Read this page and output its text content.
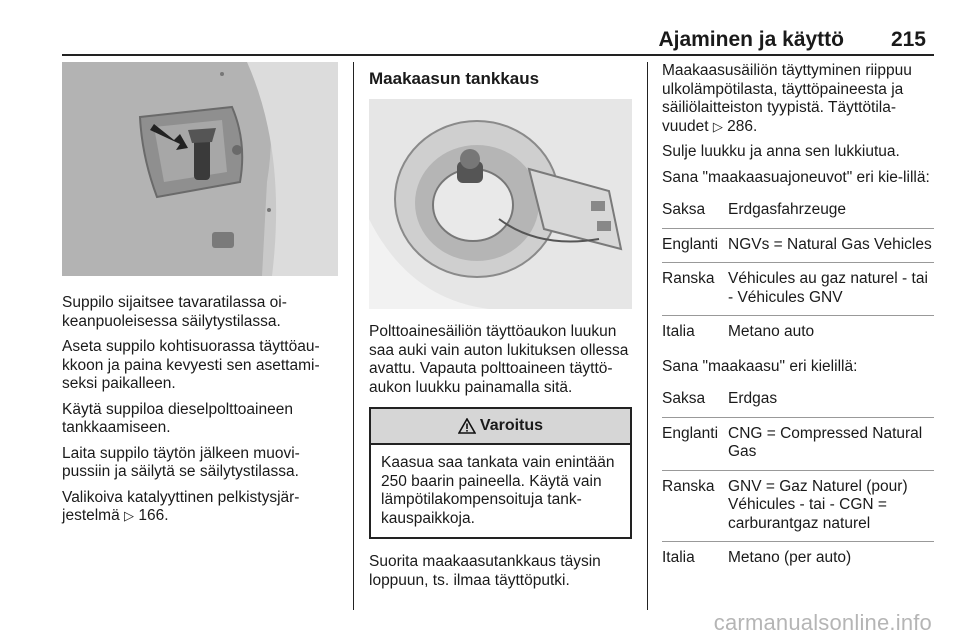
Ajaminen ja käyttö 215

Suppilo sijaitsee tavaratilassa oi-keanpuoleisessa säilytystilassa.

Aseta suppilo kohtisuorassa täyttöau-kkoon ja paina kevyesti sen asettami-seksi paikalleen.

Käytä suppiloa dieselpolttoaineen tankkaamiseen.

Laita suppilo täytön jälkeen muovi-pussiin ja säilytä se säilytystilassa.

Valikoiva katalyyttinen pelkistysjär-jestelmä ▷ 166.

Maakaasun tankkaus

Polttoainesäiliön täyttöaukon luukun saa auki vain auton lukituksen ollessa avattu. Vapauta polttoaineen täyttö-aukon luukku painamalla sitä.

Varoitus
Kaasua saa tankata vain enintään 250 baarin paineella. Käytä vain lämpötilakompensoituja tank-kauspaikkoja.

Suorita maakaasutankkaus täysin loppuun, ts. ilmaa täyttöputki.

Maakaasusäiliön täyttyminen riippuu ulkolämpötilasta, täyttöpaineesta ja säiliölaitteiston tyypistä. Täyttötila-vuudet ▷ 286.

Sulje luukku ja anna sen lukkiutua.

Sana "maakaasuajoneuvot" eri kie-lillä:

Saksa	Erdgasfahrzeuge
Englanti	NGVs = Natural Gas Vehicles
Ranska	Véhicules au gaz naturel - tai - Véhicules GNV
Italia	Metano auto

Sana "maakaasu" eri kielillä:

Saksa	Erdgas
Englanti	CNG = Compressed Natural Gas
Ranska	GNV = Gaz Naturel (pour) Véhicules - tai - CGN = carburantgaz naturel
Italia	Metano (per auto)
carmanualsonline.info
